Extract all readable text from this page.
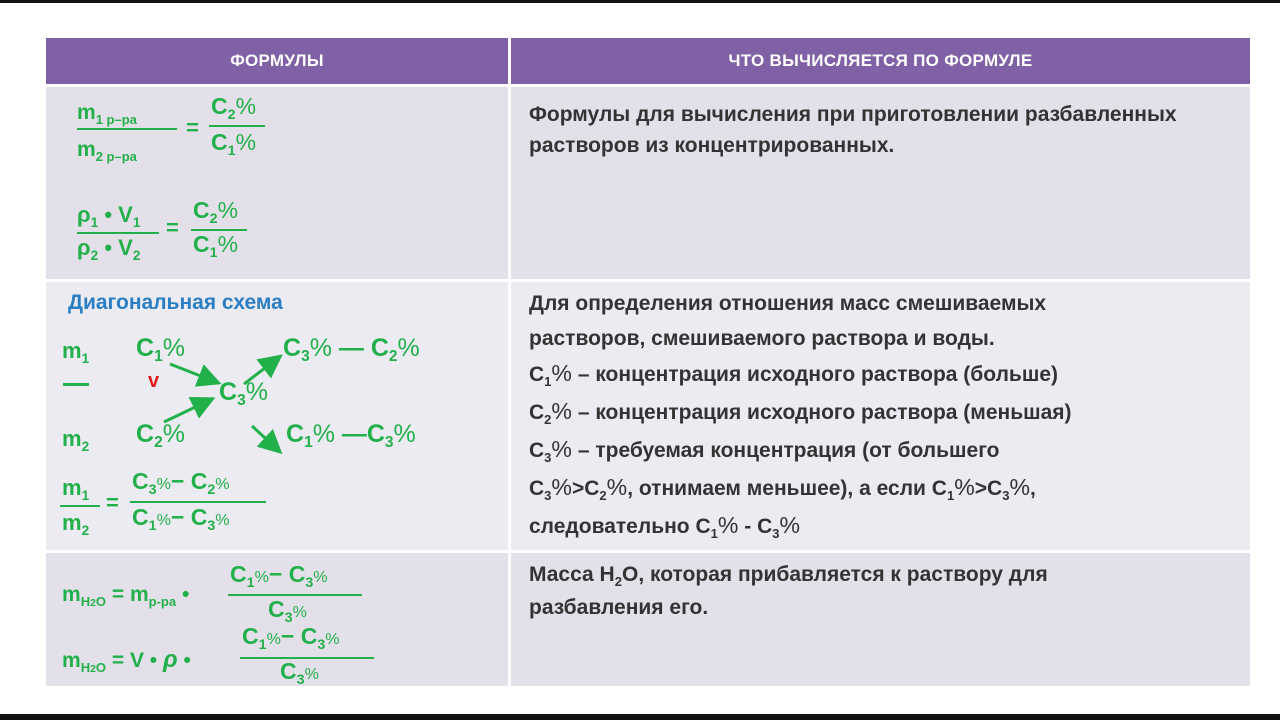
ФОРМУЛЫ	ЧТО ВЫЧИСЛЯЕТСЯ ПО ФОРМУЛЕ
$m_{1 р-ра}$
$m_{2 р-ра}$
=
$C_2\%$
$C_1\%$
$\rho_1$ • $V_1$
$\rho_2$ • $V_2$
=
$C_2\%$
$C_1\%$
Формулы для вычисления при приготовлении разбавленных растворов из концентрированных.
Диагональная схема
$m_1$
$m_2$
$C_1\%$
v
$C_2\%$
$C_3\%$
$C_3\%$ — $C_2\%$
$C_1\%$ $—C_3\%$
$m_1$
$m_2$
=
$C_3\%- C_2\%$
$C_1\%- C_3\%$
Для определения отношения масс смешиваемых
растворов, смешиваемого раствора и воды.
$C_1\%$ – концентрация исходного раствора (больше)
$C_2\%$ – концентрация исходного раствора (меньшая)
$C_3\%$ – требуемая концентрация (от большего
$C_3\%>C_2\%$, отнимаем меньшее), а если $C_1\%>C_3\%$,
следовательно $C_1\% - C_3\%$
$m_{H2O} = m_{р-ра}$ •
$C_1\%- C_3\%$
$C_3\%$
$m_{H2O} = V$ • ρ •
$C_1\%- C_3\%$
$C_3\%$
Масса $H_2O$, которая прибавляется к раствору для
разбавления его.
